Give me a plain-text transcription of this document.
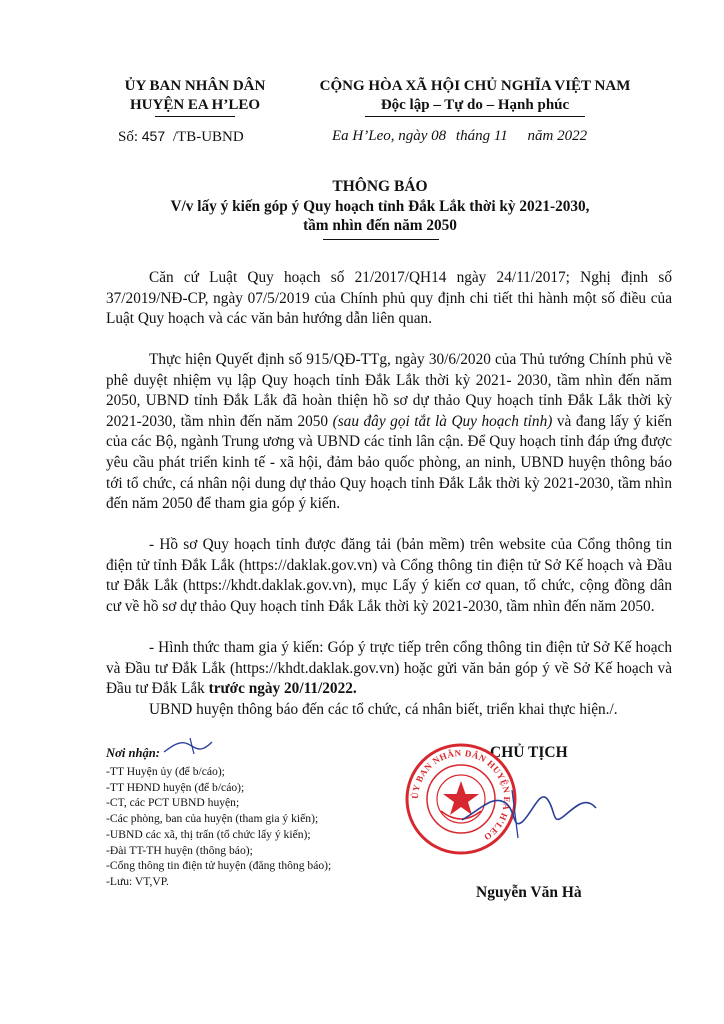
ỦY BAN NHÂN DÂN
HUYỆN EA H’LEO
CỘNG HÒA XÃ HỘI CHỦ NGHĨA VIỆT NAM
Độc lập – Tự do – Hạnh phúc
Số: 457 /TB-UBND	Ea H’Leo, ngày 08 tháng 11 năm 2022
THÔNG BÁO
V/v lấy ý kiến góp ý Quy hoạch tỉnh Đắk Lắk thời kỳ 2021-2030,
tầm nhìn đến năm 2050

Căn cứ Luật Quy hoạch số 21/2017/QH14 ngày 24/11/2017; Nghị định số 37/2019/NĐ-CP, ngày 07/5/2019 của Chính phủ quy định chi tiết thi hành một số điều của Luật Quy hoạch và các văn bản hướng dẫn liên quan.

Thực hiện Quyết định số 915/QĐ-TTg, ngày 30/6/2020 của Thủ tướng Chính phủ về phê duyệt nhiệm vụ lập Quy hoạch tỉnh Đắk Lắk thời kỳ 2021- 2030, tầm nhìn đến năm 2050, UBND tỉnh Đắk Lắk đã hoàn thiện hồ sơ dự thảo Quy hoạch tỉnh Đắk Lắk thời kỳ 2021-2030, tầm nhìn đến năm 2050 (sau đây gọi tắt là Quy hoạch tỉnh) và đang lấy ý kiến của các Bộ, ngành Trung ương và UBND các tỉnh lân cận. Để Quy hoạch tỉnh đáp ứng được yêu cầu phát triển kinh tế - xã hội, đảm bảo quốc phòng, an ninh, UBND huyện thông báo tới tổ chức, cá nhân nội dung dự thảo Quy hoạch tỉnh Đắk Lắk thời kỳ 2021-2030, tầm nhìn đến năm 2050 để tham gia góp ý kiến.

- Hồ sơ Quy hoạch tỉnh được đăng tải (bản mềm) trên website của Cổng thông tin điện tử tỉnh Đắk Lắk (https://daklak.gov.vn) và Cổng thông tin điện tử Sở Kế hoạch và Đầu tư Đắk Lắk (https://khdt.daklak.gov.vn), mục Lấy ý kiến cơ quan, tổ chức, cộng đồng dân cư về hồ sơ dự thảo Quy hoạch tỉnh Đắk Lắk thời kỳ 2021-2030, tầm nhìn đến năm 2050.

- Hình thức tham gia ý kiến: Góp ý trực tiếp trên cổng thông tin điện tử Sở Kế hoạch và Đầu tư Đắk Lắk (https://khdt.daklak.gov.vn) hoặc gửi văn bản góp ý về Sở Kế hoạch và Đầu tư Đắk Lắk trước ngày 20/11/2022.

UBND huyện thông báo đến các tổ chức, cá nhân biết, triển khai thực hiện./.

Nơi nhận:
-TT Huyện ủy (để b/cáo);
-TT HĐND huyện (để b/cáo);
-CT, các PCT UBND huyện;
-Các phòng, ban của huyện (tham gia ý kiến);
-UBND các xã, thị trấn (tổ chức lấy ý kiến);
-Đài TT-TH huyện (thông báo);
-Cổng thông tin điện tử huyện (đăng thông báo);
-Lưu: VT,VP.
CHỦ TỊCH
ỦY BAN NHÂN DÂN HUYỆN EA H'LEO
Nguyễn Văn Hà
